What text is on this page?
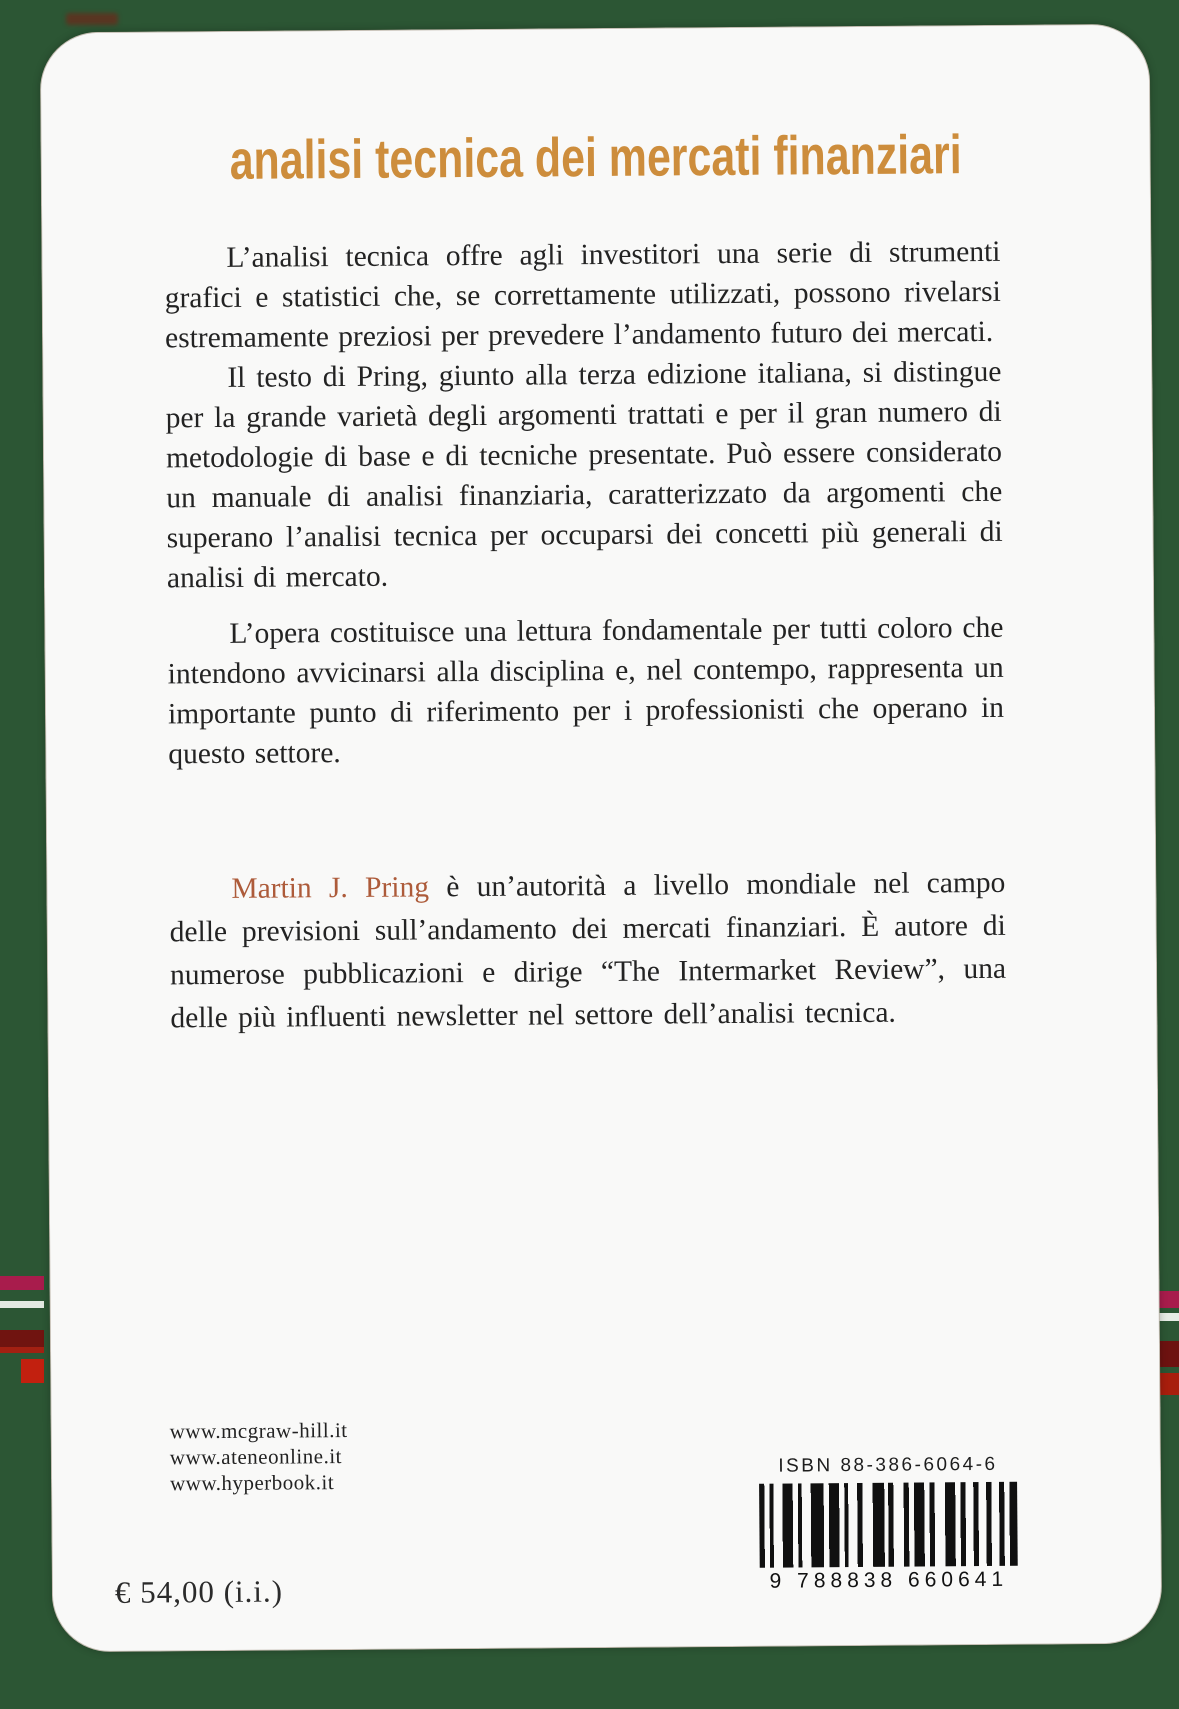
analisi tecnica dei mercati finanziari

L’analisi tecnica offre agli investitori una serie di strumenti grafici e statistici che, se correttamente utilizzati, possono rivelarsi estremamente preziosi per prevedere l’andamento futuro dei mercati.

Il testo di Pring, giunto alla terza edizione italiana, si distingue per la grande varietà degli argomenti trattati e per il gran numero di metodologie di base e di tecniche presentate. Può essere considerato un manuale di analisi finanziaria, caratterizzato da argomenti che superano l’analisi tecnica per occuparsi dei concetti più generali di analisi di mercato.

L’opera costituisce una lettura fondamentale per tutti coloro che intendono avvicinarsi alla disciplina e, nel contempo, rappresenta un importante punto di riferimento per i professionisti che operano in questo settore.

Martin J. Pring è un’autorità a livello mondiale nel campo delle previsioni sull’andamento dei mercati finanziari. È autore di numerose pubblicazioni e dirige “The Intermarket Review”, una delle più influenti newsletter nel settore dell’analisi tecnica.

www.mcgraw-hill.it
www.ateneonline.it
www.hyperbook.it
ISBN 88-386-6064-6
9 788838 660641
€ 54,00 (i.i.)
